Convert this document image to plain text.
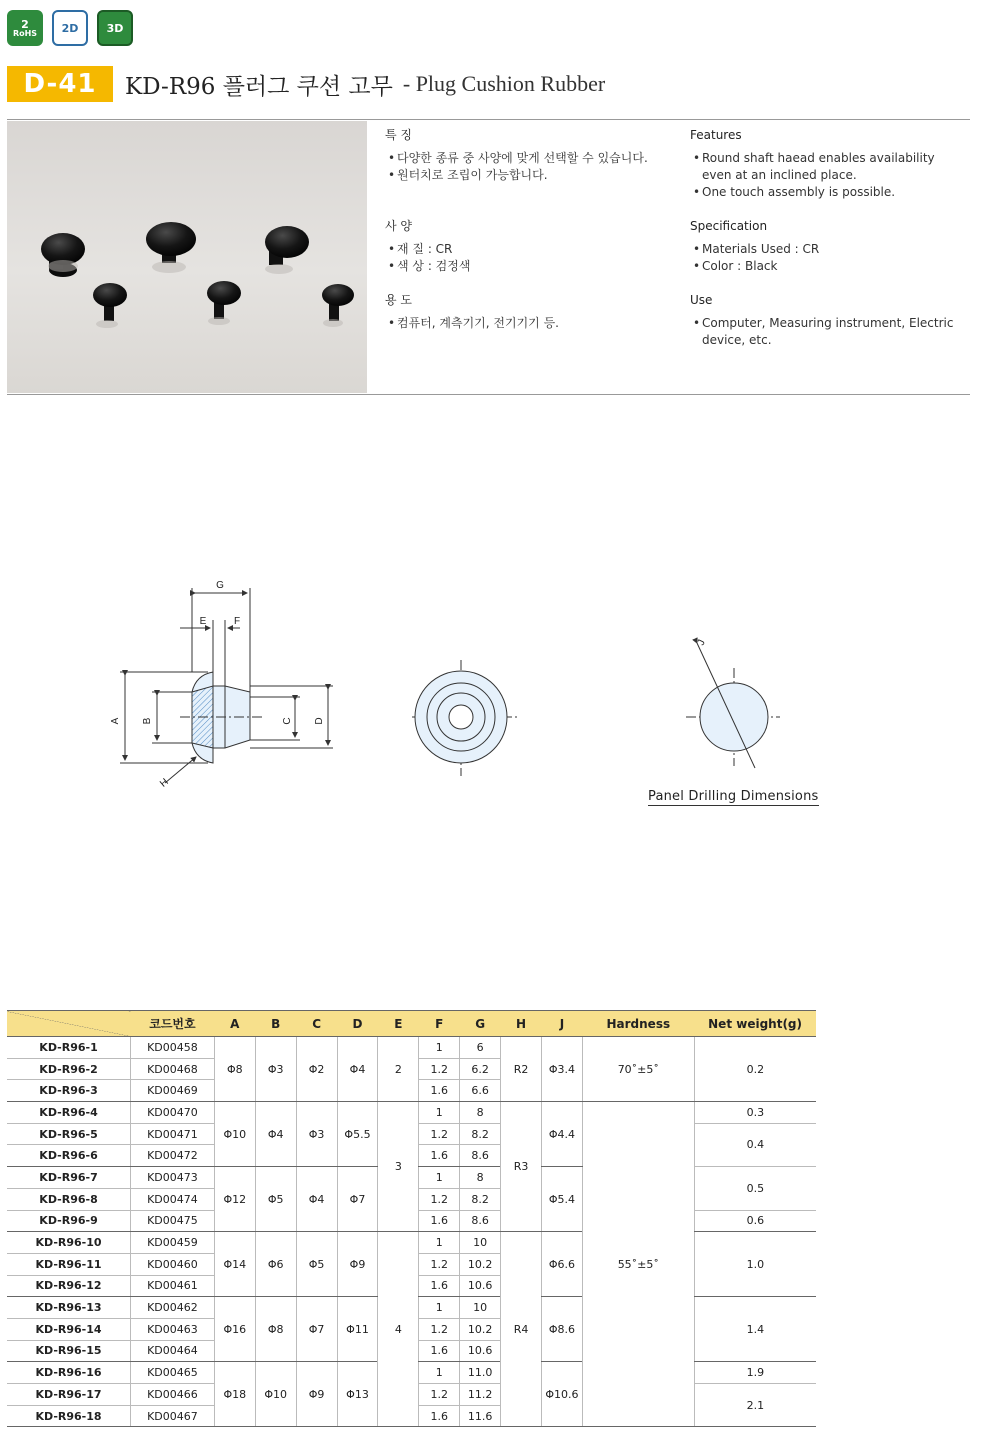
2
RoHS	2D	3D
D-41	KD-R96 플러그 쿠션 고무 - Plug Cushion Rubber
특 징
• 다양한 종류 중 사양에 맞게 선택할 수 있습니다.
• 원터치로 조립이 가능합니다.
Features
• Round shaft haead enables availability even at an inclined place.
• One touch assembly is possible.
사 양
• 재 질 : CR
• 색 상 : 검정색
Specification
• Materials Used : CR
• Color : Black
용 도
• 컴퓨터, 계측기기, 전기기기 등.
Use
• Computer, Measuring instrument, Electric device, etc.
A B	C D
G
E	F
H
J
Panel Drilling Dimensions
	코드번호	A	B	C	D	E	F	G	H	J	Hardness	Net weight(g)
KD-R96-1	KD00458	Φ8	Φ3	Φ2	Φ4	2	1	6	R2	Φ3.4	70˚±5˚	0.2
KD-R96-2	KD00468						1.2	6.2				
KD-R96-3	KD00469						1.6	6.6				
KD-R96-4	KD00470	Φ10	Φ4	Φ3	Φ5.5	3	1	8	R3	Φ4.4	55˚±5˚	0.3
KD-R96-5	KD00471						1.2	8.2				0.4
KD-R96-6	KD00472						1.6	8.6				
KD-R96-7	KD00473	Φ12	Φ5	Φ4	Φ7		1	8		Φ5.4		0.5
KD-R96-8	KD00474						1.2	8.2				
KD-R96-9	KD00475						1.6	8.6				0.6
KD-R96-10	KD00459	Φ14	Φ6	Φ5	Φ9	4	1	10	R4	Φ6.6		1.0
KD-R96-11	KD00460						1.2	10.2				
KD-R96-12	KD00461						1.6	10.6				
KD-R96-13	KD00462	Φ16	Φ8	Φ7	Φ11		1	10		Φ8.6		1.4
KD-R96-14	KD00463						1.2	10.2				
KD-R96-15	KD00464						1.6	10.6				
KD-R96-16	KD00465	Φ18	Φ10	Φ9	Φ13		1	11.0		Φ10.6		1.9
KD-R96-17	KD00466						1.2	11.2				2.1
KD-R96-18	KD00467						1.6	11.6				
